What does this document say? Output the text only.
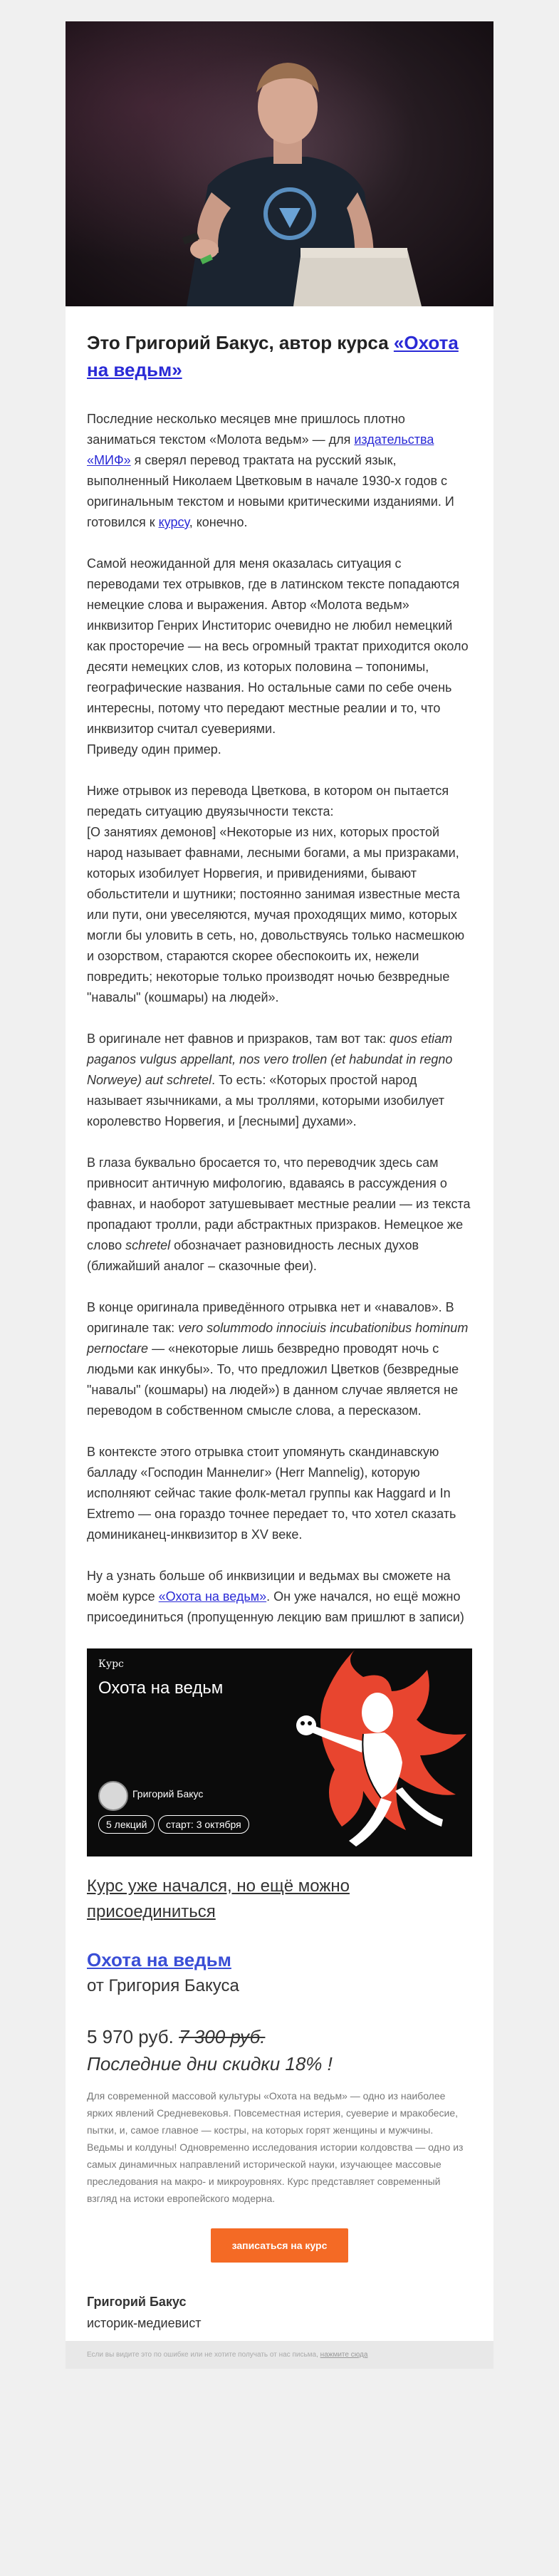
Это Григорий Бакус, автор курса «Охота на ведьм»

Последние несколько месяцев мне пришлось плотно заниматься текстом «Молота ведьм» — для издательства «МИФ» я сверял перевод трактата на русский язык, выполненный Николаем Цветковым в начале 1930-х годов с оригинальным текстом и новыми критическими изданиями. И готовился к курсу, конечно.

Самой неожиданной для меня оказалась ситуация с переводами тех отрывков, где в латинском тексте попадаются немецкие слова и выражения. Автор «Молота ведьм» инквизитор Генрих Инститорис очевидно не любил немецкий как просторечие — на весь огромный трактат приходится около десяти немецких слов, из которых половина – топонимы, географические названия. Но остальные сами по себе очень интересны, потому что передают местные реалии и то, что инквизитор считал суевериями.
Приведу один пример.

Ниже отрывок из перевода Цветкова, в котором он пытается передать ситуацию двуязычности текста:
[О занятиях демонов] «Некоторые из них, которых простой народ называет фавнами, лесными богами, а мы призраками, которых изобилует Норвегия, и привидениями, бывают обольстители и шутники; постоянно занимая известные места или пути, они увеселяются, мучая проходящих мимо, которых могли бы уловить в сеть, но, довольствуясь только насмешкою и озорством, стараются скорее обеспокоить их, нежели повредить; некоторые только производят ночью безвредные "навалы" (кошмары) на людей».

В оригинале нет фавнов и призраков, там вот так: quos etiam paganos vulgus appellant, nos vero trollen (et habundat in regno Norweye) aut schretel. То есть: «Которых простой народ называет язычниками, а мы троллями, которыми изобилует королевство Норвегия, и [лесными] духами».

В глаза буквально бросается то, что переводчик здесь сам привносит античную мифологию, вдаваясь в рассуждения о фавнах, и наоборот затушевывает местные реалии — из текста пропадают тролли, ради абстрактных призраков. Немецкое же слово schretel обозначает разновидность лесных духов (ближайший аналог – сказочные феи).

В конце оригинала приведённого отрывка нет и «навалов». В оригинале так: vero solummodo innociuis incubationibus hominum pernoctare — «некоторые лишь безвредно проводят ночь с людьми как инкубы». То, что предложил Цветков (безвредные "навалы" (кошмары) на людей») в данном случае является не переводом в собственном смысле слова, а пересказом.

В контексте этого отрывка стоит упомянуть скандинавскую балладу «Господин Маннелиг» (Herr Mannelig), которую исполняют сейчас такие фолк-метал группы как Haggard и In Extremo — она гораздо точнее передает то, что хотел сказать доминиканец-инквизитор в XV веке.

Ну а узнать больше об инквизиции и ведьмах вы сможете на моём курсе «Охота на ведьм». Он уже начался, но ещё можно присоединиться (пропущенную лекцию вам пришлют в записи)

Курс
Охота на ведьм
Григорий Бакус
5 лекций	старт: 3 октября
Курс уже начался, но ещё можно присоединиться
Охота на ведьм
от Григория Бакуса
5 970 руб. 7 300 руб.
Последние дни скидки 18% !
Для современной массовой культуры «Охота на ведьм» — одно из наиболее ярких явлений Средневековья. Повсеместная истерия, суеверие и мракобесие, пытки, и, самое главное — костры, на которых горят женщины и мужчины. Ведьмы и колдуны! Одновременно исследования истории колдовства — одно из самых динамичных направлений исторической науки, изучающее массовые преследования на макро- и микроуровнях. Курс представляет современный взгляд на истоки европейского модерна.
записаться на курс
Григорий Бакус
историк-медиевист
Если вы видите это по ошибке или не хотите получать от нас письма, нажмите сюда
